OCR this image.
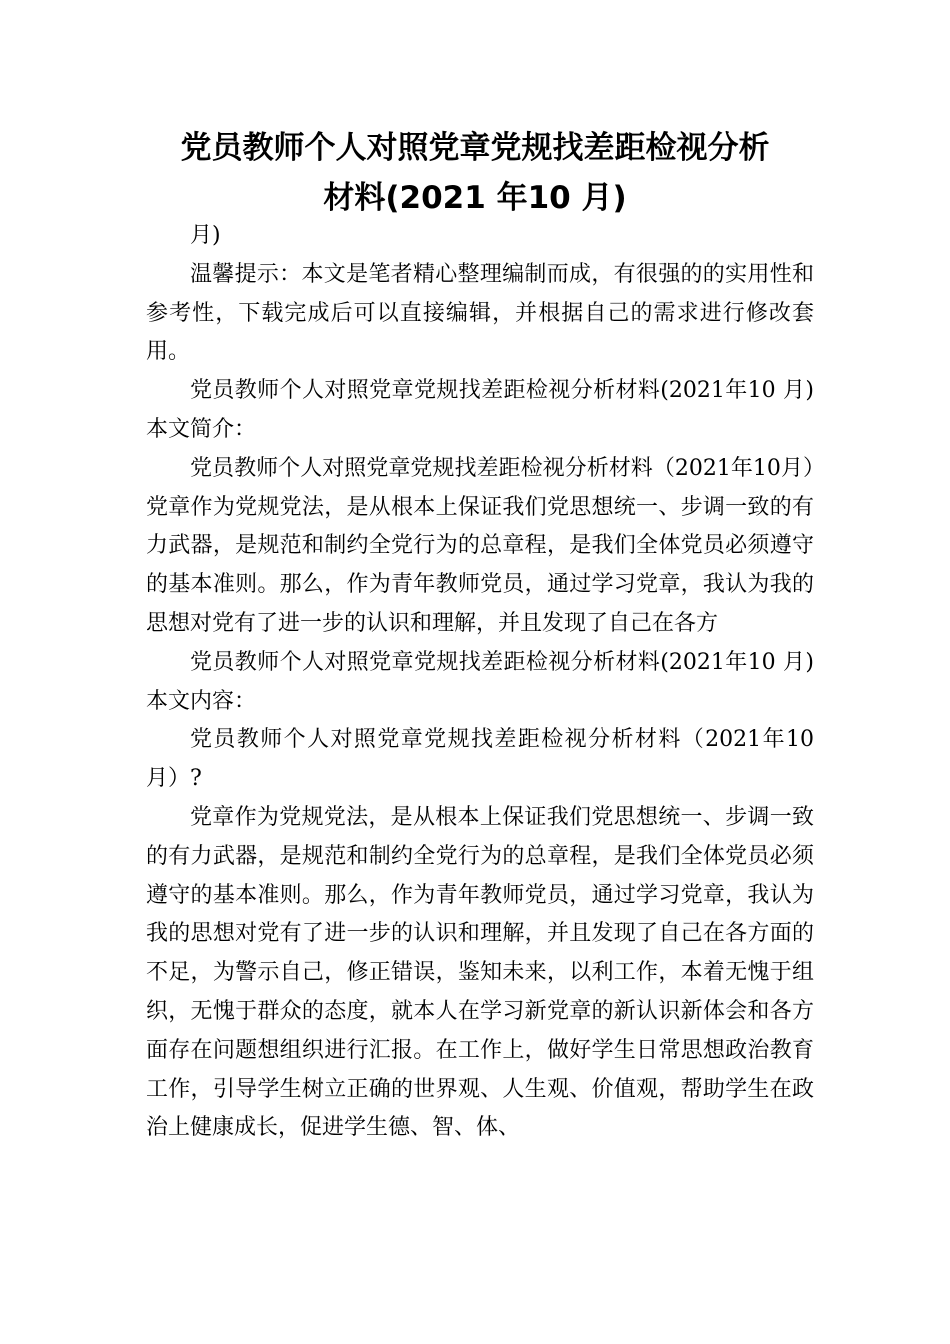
党员教师个人对照党章党规找差距检视分析
材料(2021 年10 月)

月)

温馨提示：本文是笔者精心整理编制而成，有很强的的实用性和参考性，下载完成后可以直接编辑，并根据自己的需求进行修改套用。

党员教师个人对照党章党规找差距检视分析材料(2021年10 月) 本文简介：

党员教师个人对照党章党规找差距检视分析材料（2021年10月）党章作为党规党法，是从根本上保证我们党思想统一、步调一致的有力武器，是规范和制约全党行为的总章程，是我们全体党员必须遵守的基本准则。那么，作为青年教师党员，通过学习党章，我认为我的思想对党有了进一步的认识和理解，并且发现了自己在各方

党员教师个人对照党章党规找差距检视分析材料(2021年10 月) 本文内容：

党员教师个人对照党章党规找差距检视分析材料（2021年10月）?

党章作为党规党法，是从根本上保证我们党思想统一、步调一致的有力武器，是规范和制约全党行为的总章程，是我们全体党员必须遵守的基本准则。那么，作为青年教师党员，通过学习党章，我认为我的思想对党有了进一步的认识和理解，并且发现了自己在各方面的不足，为警示自己，修正错误，鉴知未来，以利工作，本着无愧于组织，无愧于群众的态度，就本人在学习新党章的新认识新体会和各方面存在问题想组织进行汇报。在工作上，做好学生日常思想政治教育工作，引导学生树立正确的世界观、人生观、价值观，帮助学生在政治上健康成长，促进学生德、智、体、
